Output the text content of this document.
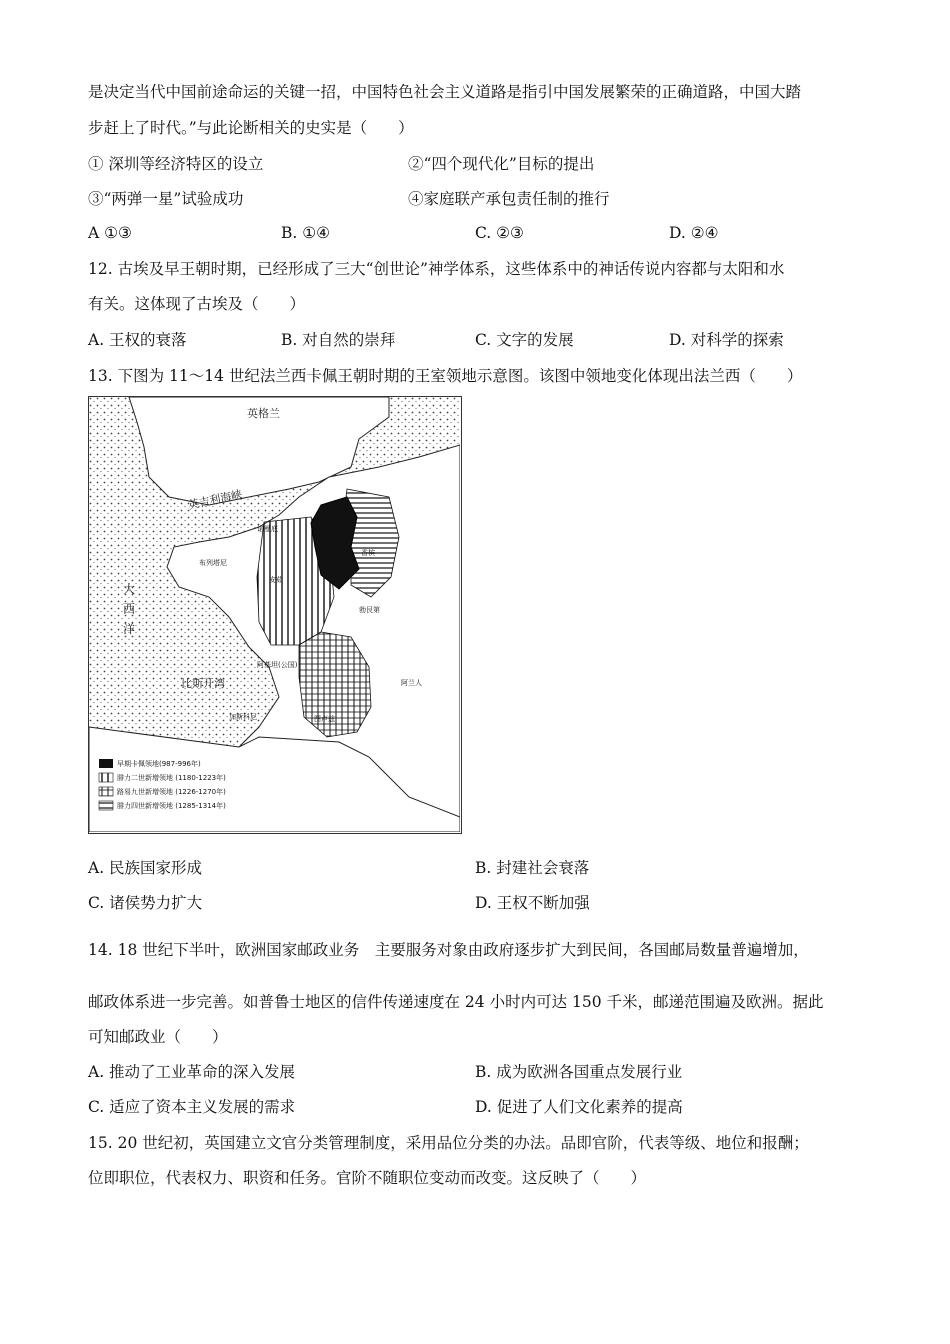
是决定当代中国前途命运的关键一招，中国特色社会主义道路是指引中国发展繁荣的正确道路，中国大踏
步赶上了时代。”与此论断相关的史实是（　　）
① 深圳等经济特区的设立	②“四个现代化”目标的提出
③“两弹一星”试验成功	④家庭联产承包责任制的推行
A ①③	B. ①④	C. ②③	D. ②④
12. 古埃及早王朝时期，已经形成了三大“创世论”神学体系，这些体系中的神话传说内容都与太阳和水
有关。这体现了古埃及（　　）
A. 王权的衰落	B. 对自然的崇拜	C. 文字的发展	D. 对科学的探索
13. 下图为 11～14 世纪法兰西卡佩王朝时期的王室领地示意图。该图中领地变化体现出法兰西（　　）
英格兰
英吉利海峡
大
西
洋
比斯开湾
布列塔尼
安茹
勃艮第
阿基坦(公国)
加斯科尼	图卢兹
香槟
诺曼底
阿兰人
早期卡佩领地(987-996年)
腓力二世新增领地 (1180-1223年)
路易九世新增领地 (1226-1270年)
腓力四世新增领地 (1285-1314年)
A. 民族国家形成	B. 封建社会衰落
C. 诸侯势力扩大	D. 王权不断加强
14. 18 世纪下半叶，欧洲国家邮政业务　主要服务对象由政府逐步扩大到民间，各国邮局数量普遍增加，
邮政体系进一步完善。如普鲁士地区的信件传递速度在 24 小时内可达 150 千米，邮递范围遍及欧洲。据此
可知邮政业（　　）
A. 推动了工业革命的深入发展	B. 成为欧洲各国重点发展行业
C. 适应了资本主义发展的需求	D. 促进了人们文化素养的提高
15. 20 世纪初，英国建立文官分类管理制度，采用品位分类的办法。品即官阶，代表等级、地位和报酬；
位即职位，代表权力、职资和任务。官阶不随职位变动而改变。这反映了（　　）
